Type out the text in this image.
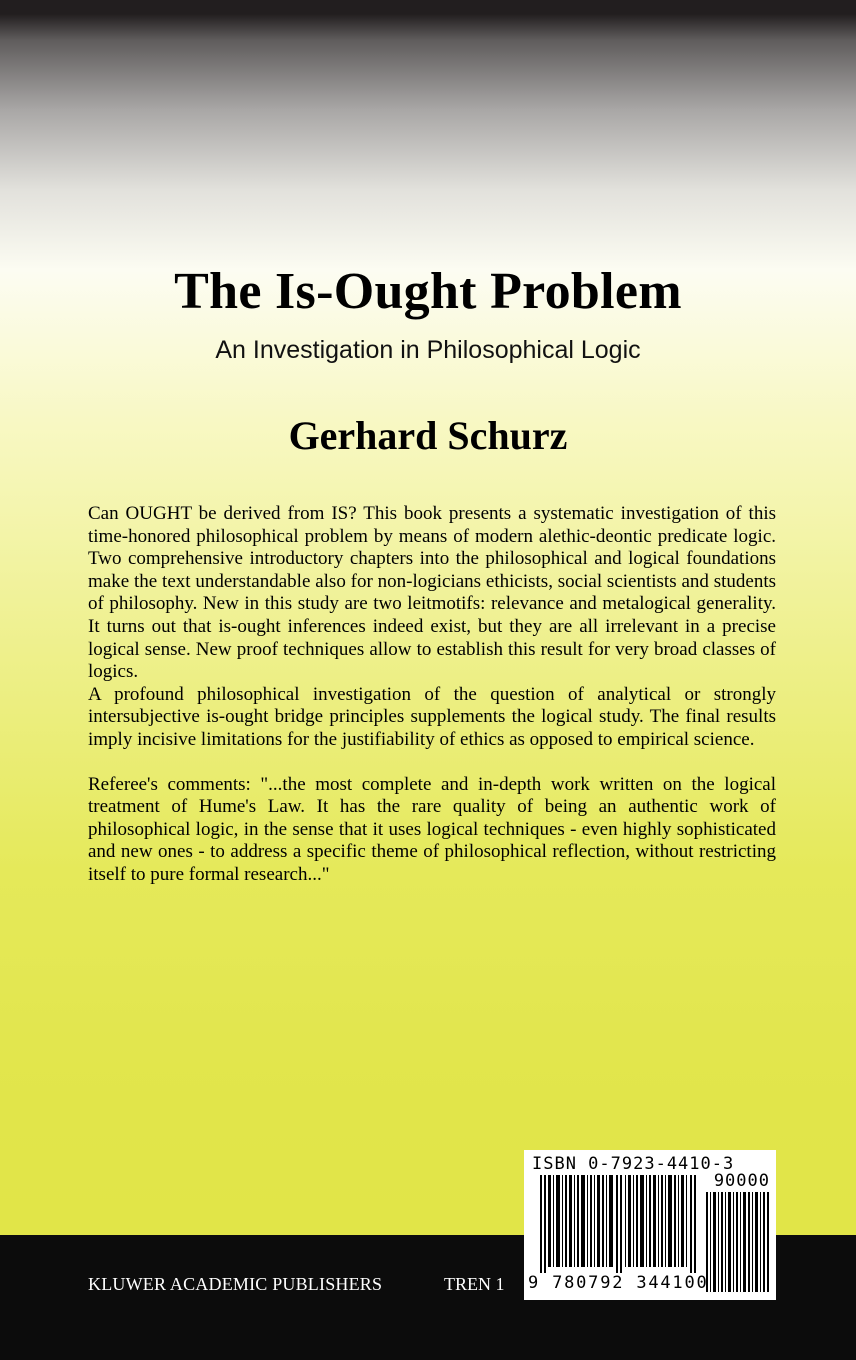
The Is-Ought Problem
An Investigation in Philosophical Logic
Gerhard Schurz

Can OUGHT be derived from IS? This book presents a systematic investigation of this time-honored philosophical problem by means of modern alethic-deontic predicate logic. Two comprehensive introductory chapters into the philosophical and logical foundations make the text understandable also for non-logicians ethicists, social scientists and students of philosophy. New in this study are two leitmotifs: relevance and metalogical generality. It turns out that is-ought inferences indeed exist, but they are all irrelevant in a precise logical sense. New proof techniques allow to establish this result for very broad classes of logics.

A profound philosophical investigation of the question of analytical or strongly intersubjective is-ought bridge principles supplements the logical study. The final results imply incisive limitations for the justifiability of ethics as opposed to empirical science.

Referee's comments: "...the most complete and in-depth work written on the logical treatment of Hume's Law. It has the rare quality of being an authentic work of philosophical logic, in the sense that it uses logical techniques - even highly sophisticated and new ones - to address a specific theme of philosophical reflection, without restricting itself to pure formal research..."

KLUWER ACADEMIC PUBLISHERS	TREN 1
ISBN 0-7923-4410-3
90000
9 780792 344100
